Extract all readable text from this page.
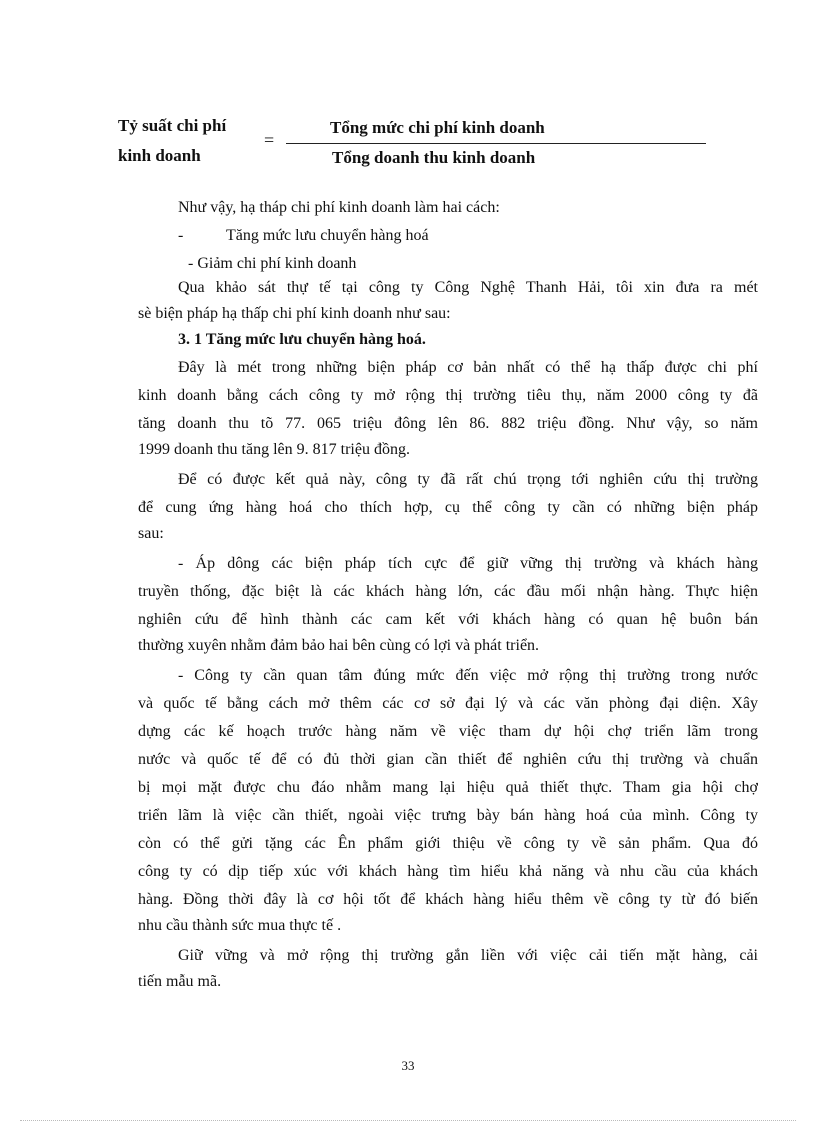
Tỷ suất chi phí
kinh doanh
=
Tổng mức chi phí kinh doanh
Tổng doanh thu kinh doanh
Như vậy, hạ tháp chi phí kinh doanh làm hai cách:
-	Tăng mức lưu chuyển hàng hoá
- Giảm chi phí kinh doanh
Qua khảo sát thự tế tại công ty Công Nghệ Thanh Hải, tôi xin đưa ra mét
sè biện pháp hạ thấp chi phí kinh doanh như sau:
3. 1 Tăng mức lưu chuyển hàng hoá.
Đây là mét trong những biện pháp cơ bản nhất có thể hạ thấp được chi phí
kinh doanh bằng cách công ty mở rộng thị trường tiêu thụ, năm 2000 công ty đã
tăng doanh thu tõ 77. 065 triệu đông lên 86. 882 triệu đồng. Như vậy, so năm
1999 doanh thu tăng lên 9. 817 triệu đồng.
Để có được kết quả này, công ty đã rất chú trọng tới nghiên cứu thị trường
để cung ứng hàng hoá cho thích hợp, cụ thể công ty cần có những biện pháp
sau:
- Áp dông các biện pháp tích cực để giữ vững thị trường và khách hàng
truyền thống, đặc biệt là các khách hàng lớn, các đầu mối nhận hàng. Thực hiện
nghiên cứu để hình thành các cam kết với khách hàng có quan hệ buôn bán
thường xuyên nhằm đảm bảo hai bên cùng có lợi và phát triển.
- Công ty cần quan tâm đúng mức đến việc mở rộng thị trường trong nước
và quốc tế bằng cách mở thêm các cơ sở đại lý và các văn phòng đại diện. Xây
dựng các kế hoạch trước hàng năm về việc tham dự hội chợ triển lãm trong
nước và quốc tế để có đủ thời gian cần thiết để nghiên cứu thị trường và chuẩn
bị mọi mặt được chu đáo nhằm mang lại hiệu quả thiết thực. Tham gia hội chợ
triển lãm là việc cần thiết, ngoài việc trưng bày bán hàng hoá của mình. Công ty
còn có thể gửi tặng các Ên phẩm giới thiệu về công ty về sản phẩm. Qua đó
công ty có dịp tiếp xúc với khách hàng tìm hiểu khả năng và nhu cầu của khách
hàng. Đồng thời đây là cơ hội tốt để khách hàng hiểu thêm về công ty từ đó biến
nhu cầu thành sức mua thực tế .
Giữ vững và mở rộng thị trường gắn liền với việc cải tiến mặt hàng, cải
tiến mẫu mã.
33
